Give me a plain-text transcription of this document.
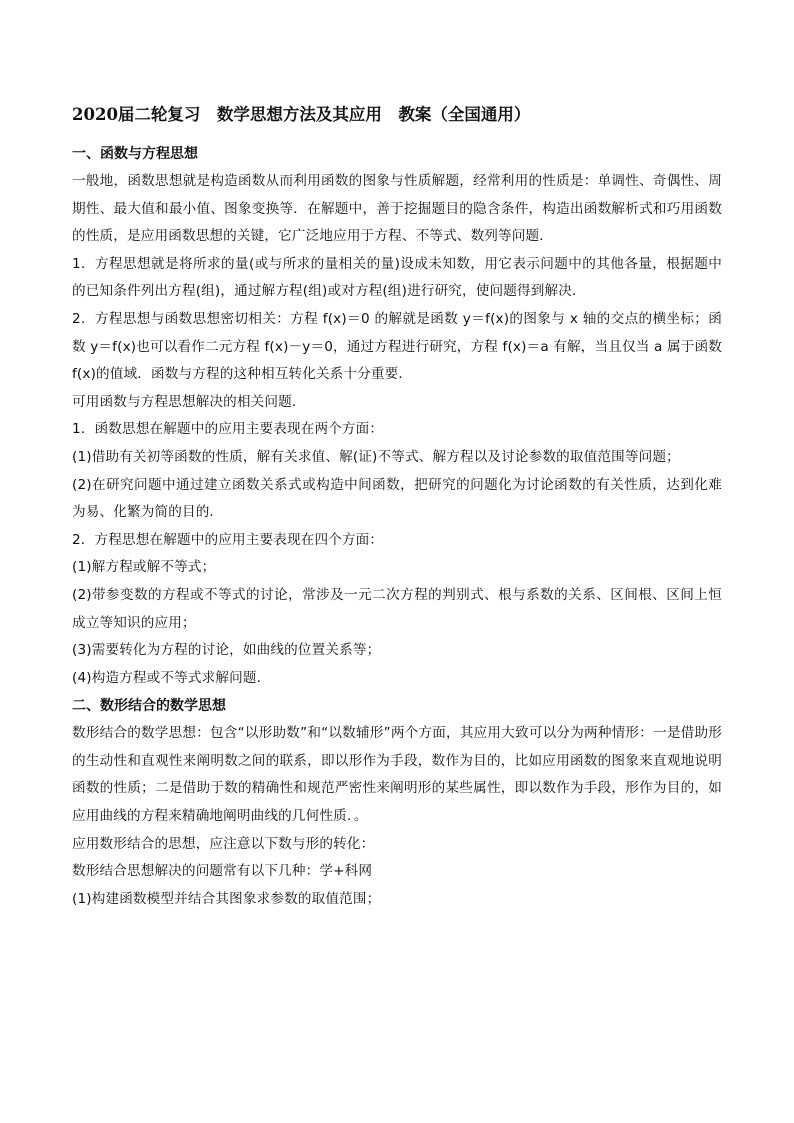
2020届二轮复习　数学思想方法及其应用　教案（全国通用）
一、函数与方程思想

一般地，函数思想就是构造函数从而利用函数的图象与性质解题，经常利用的性质是：单调性、奇偶性、周期性、最大值和最小值、图象变换等．在解题中，善于挖掘题目的隐含条件，构造出函数解析式和巧用函数的性质，是应用函数思想的关键，它广泛地应用于方程、不等式、数列等问题．

1．方程思想就是将所求的量(或与所求的量相关的量)设成未知数，用它表示问题中的其他各量，根据题中的已知条件列出方程(组)，通过解方程(组)或对方程(组)进行研究，使问题得到解决．

2．方程思想与函数思想密切相关：方程 f(x)＝0 的解就是函数 y＝f(x)的图象与 x 轴的交点的横坐标；函数 y＝f(x)也可以看作二元方程 f(x)－y＝0，通过方程进行研究，方程 f(x)＝a 有解，当且仅当 a 属于函数 f(x)的值域．函数与方程的这种相互转化关系十分重要．

可用函数与方程思想解决的相关问题．

1．函数思想在解题中的应用主要表现在两个方面：

(1)借助有关初等函数的性质，解有关求值、解(证)不等式、解方程以及讨论参数的取值范围等问题；

(2)在研究问题中通过建立函数关系式或构造中间函数，把研究的问题化为讨论函数的有关性质，达到化难为易、化繁为简的目的．

2．方程思想在解题中的应用主要表现在四个方面：

(1)解方程或解不等式；

(2)带参变数的方程或不等式的讨论，常涉及一元二次方程的判别式、根与系数的关系、区间根、区间上恒成立等知识的应用；

(3)需要转化为方程的讨论，如曲线的位置关系等；

(4)构造方程或不等式求解问题．

二、数形结合的数学思想

数形结合的数学思想：包含“以形助数”和“以数辅形”两个方面，其应用大致可以分为两种情形：一是借助形的生动性和直观性来阐明数之间的联系，即以形作为手段，数作为目的，比如应用函数的图象来直观地说明函数的性质；二是借助于数的精确性和规范严密性来阐明形的某些属性，即以数作为手段，形作为目的，如应用曲线的方程来精确地阐明曲线的几何性质．。

应用数形结合的思想，应注意以下数与形的转化：

数形结合思想解决的问题常有以下几种：学+科网

(1)构建函数模型并结合其图象求参数的取值范围；
